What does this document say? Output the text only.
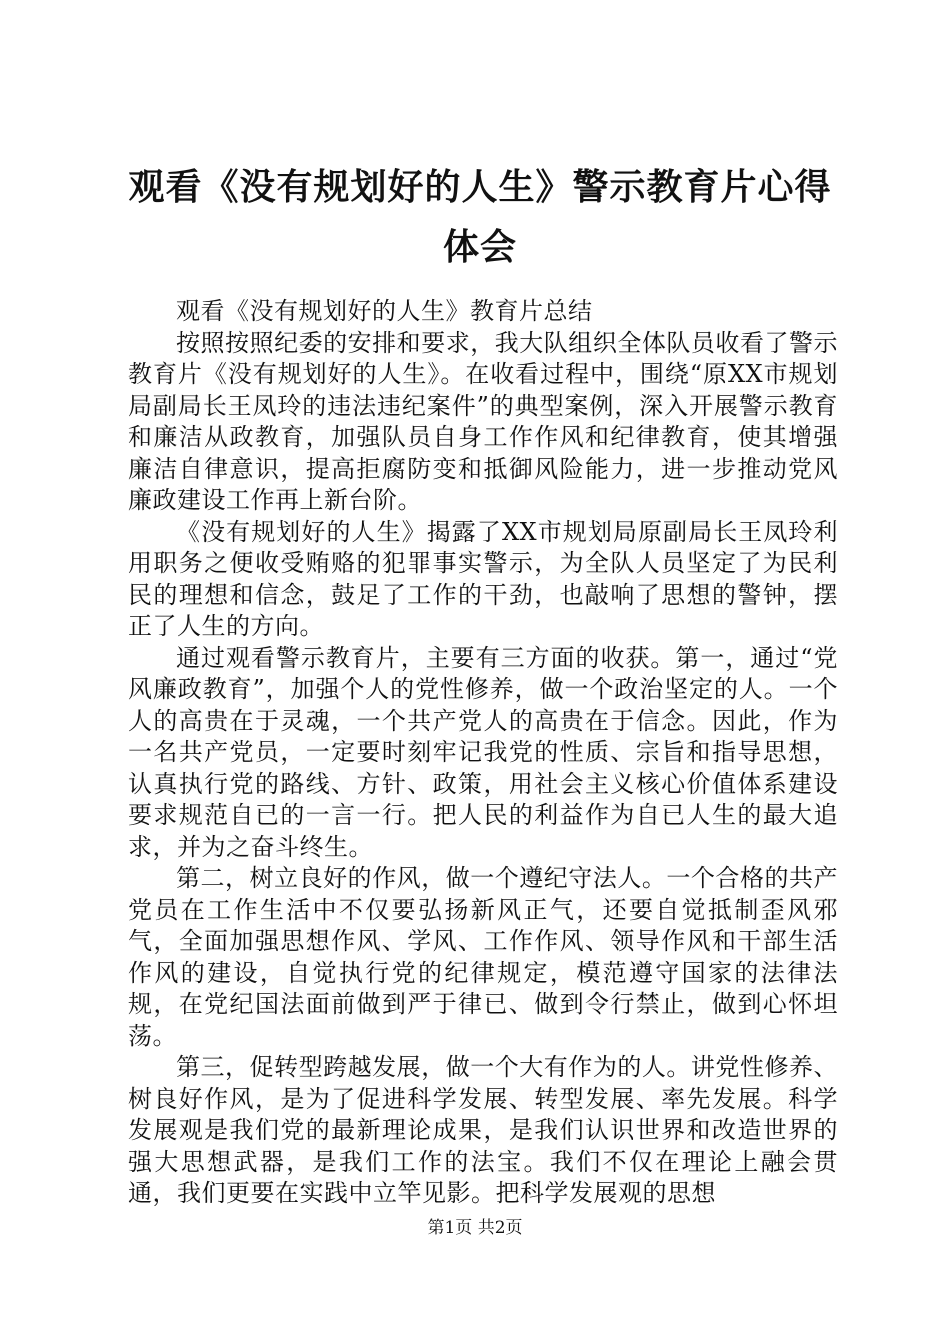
观看《没有规划好的人生》警示教育片心得体会

观看《没有规划好的人生》教育片总结

按照按照纪委的安排和要求，我大队组织全体队员收看了警示教育片《没有规划好的人生》。在收看过程中，围绕“原XX市规划局副局长王凤玲的违法违纪案件”的典型案例，深入开展警示教育和廉洁从政教育，加强队员自身工作作风和纪律教育，使其增强廉洁自律意识，提高拒腐防变和抵御风险能力，进一步推动党风廉政建设工作再上新台阶。

《没有规划好的人生》揭露了XX市规划局原副局长王凤玲利用职务之便收受贿赂的犯罪事实警示，为全队人员坚定了为民利民的理想和信念，鼓足了工作的干劲，也敲响了思想的警钟，摆正了人生的方向。

通过观看警示教育片，主要有三方面的收获。第一，通过“党风廉政教育”，加强个人的党性修养，做一个政治坚定的人。一个人的高贵在于灵魂，一个共产党人的高贵在于信念。因此，作为一名共产党员，一定要时刻牢记我党的性质、宗旨和指导思想，认真执行党的路线、方针、政策，用社会主义核心价值体系建设要求规范自已的一言一行。把人民的利益作为自已人生的最大追求，并为之奋斗终生。

第二，树立良好的作风，做一个遵纪守法人。一个合格的共产党员在工作生活中不仅要弘扬新风正气，还要自觉抵制歪风邪气，全面加强思想作风、学风、工作作风、领导作风和干部生活作风的建设，自觉执行党的纪律规定，模范遵守国家的法律法规，在党纪国法面前做到严于律已、做到令行禁止，做到心怀坦荡。

第三，促转型跨越发展，做一个大有作为的人。讲党性修养、树良好作风，是为了促进科学发展、转型发展、率先发展。科学发展观是我们党的最新理论成果，是我们认识世界和改造世界的强大思想武器，是我们工作的法宝。我们不仅在理论上融会贯通，我们更要在实践中立竿见影。把科学发展观的思想

第1页 共2页
